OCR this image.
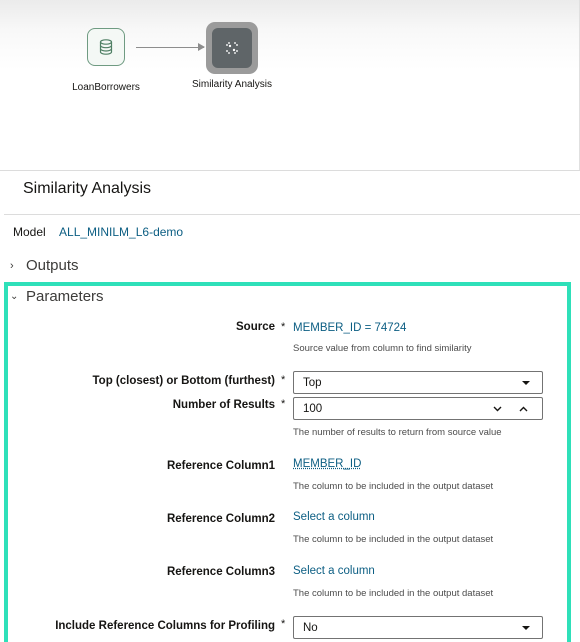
LoanBorrowers	Similarity Analysis
Similarity Analysis
Model ALL_MINILM_L6-demo
› Outputs
⌄ Parameters
Source * MEMBER_ID = 74724
Source value from column to find similarity
Top (closest) or Bottom (furthest) * Top
Number of Results * 100
The number of results to return from source value
Reference Column1 MEMBER_ID
The column to be included in the output dataset
Reference Column2 Select a column
The column to be included in the output dataset
Reference Column3 Select a column
The column to be included in the output dataset
Include Reference Columns for Profiling * No
